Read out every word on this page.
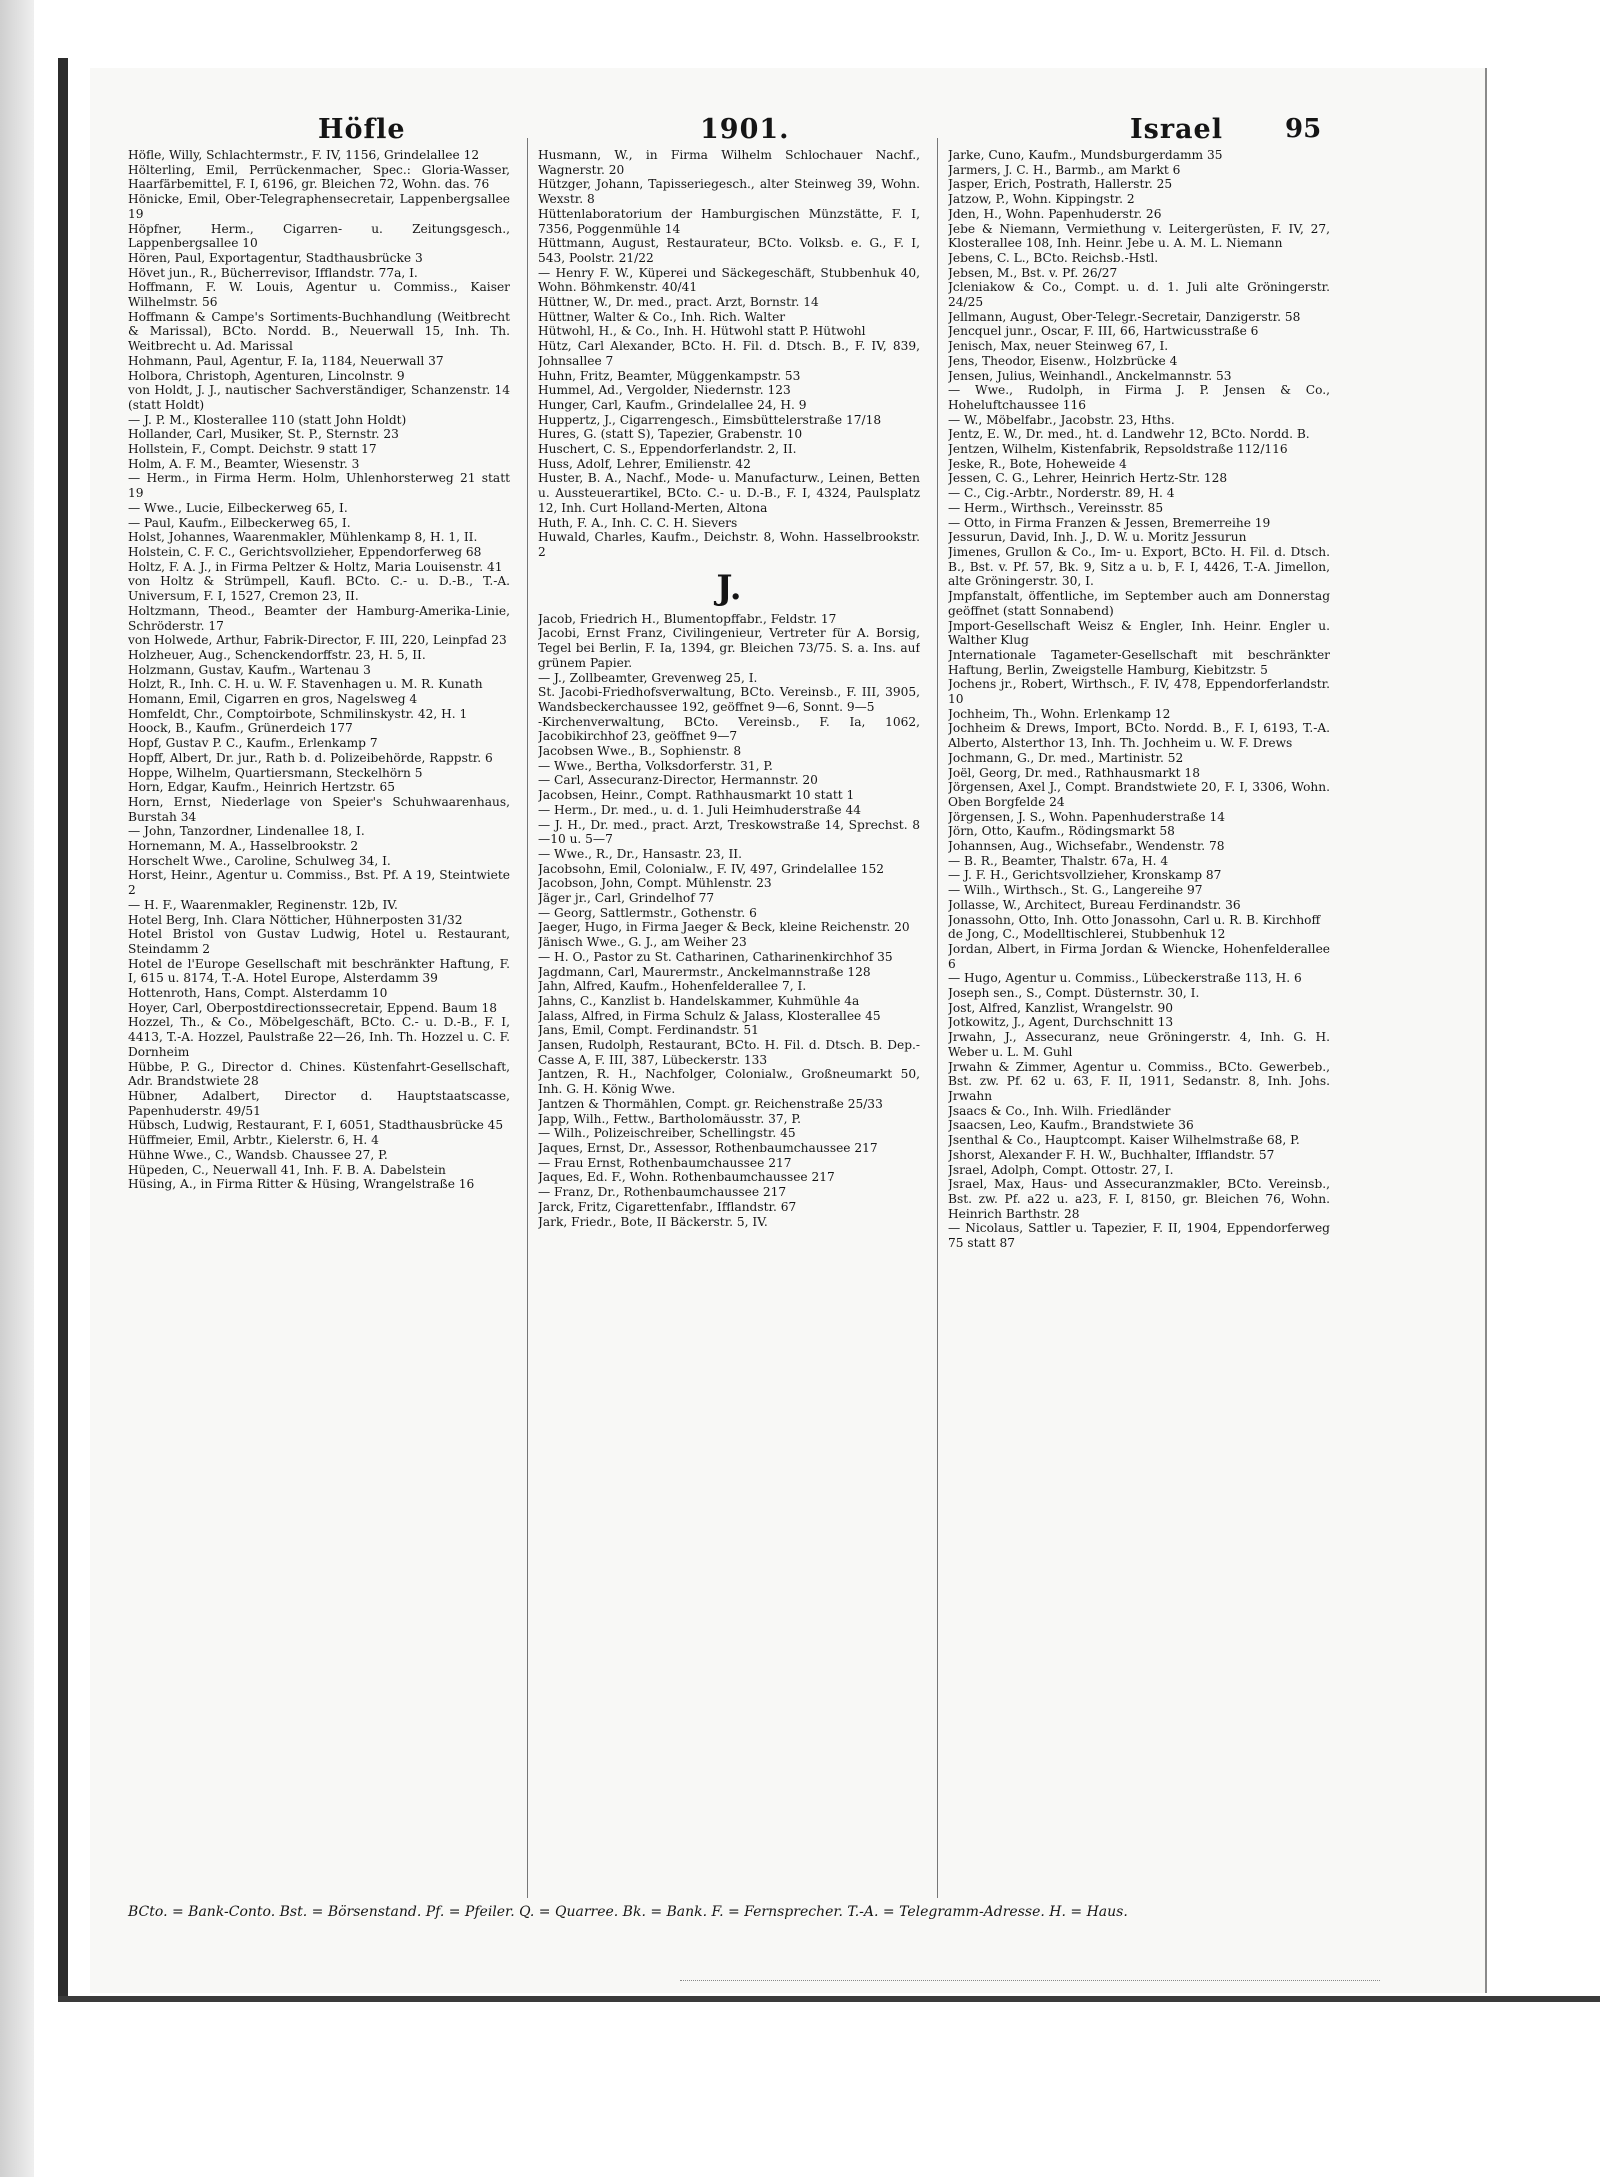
Höfle	1901.	Israel 95

Höfle, Willy, Schlachtermstr., F. IV, 1156, Grindelallee 12

Hölterling, Emil, Perrückenmacher, Spec.: Gloria-Wasser, Haarfärbemittel, F. I, 6196, gr. Bleichen 72, Wohn. das. 76

Hönicke, Emil, Ober-Telegraphensecretair, Lappenbergsallee 19

Höpfner, Herm., Cigarren- u. Zeitungsgesch., Lappenbergsallee 10

Hören, Paul, Exportagentur, Stadthausbrücke 3

Hövet jun., R., Bücherrevisor, Ifflandstr. 77a, I.

Hoffmann, F. W. Louis, Agentur u. Commiss., Kaiser Wilhelmstr. 56

Hoffmann & Campe's Sortiments-Buchhandlung (Weitbrecht & Marissal), BCto. Nordd. B., Neuerwall 15, Inh. Th. Weitbrecht u. Ad. Marissal

Hohmann, Paul, Agentur, F. Ia, 1184, Neuerwall 37

Holbora, Christoph, Agenturen, Lincolnstr. 9

von Holdt, J. J., nautischer Sachverständiger, Schanzenstr. 14 (statt Holdt)

— J. P. M., Klosterallee 110 (statt John Holdt)

Hollander, Carl, Musiker, St. P., Sternstr. 23

Hollstein, F., Compt. Deichstr. 9 statt 17

Holm, A. F. M., Beamter, Wiesenstr. 3

— Herm., in Firma Herm. Holm, Uhlenhorsterweg 21 statt 19

— Wwe., Lucie, Eilbeckerweg 65, I.

— Paul, Kaufm., Eilbeckerweg 65, I.

Holst, Johannes, Waarenmakler, Mühlenkamp 8, H. 1, II.

Holstein, C. F. C., Gerichtsvollzieher, Eppendorferweg 68

Holtz, F. A. J., in Firma Peltzer & Holtz, Maria Louisenstr. 41

von Holtz & Strümpell, Kaufl. BCto. C.- u. D.-B., T.-A. Universum, F. I, 1527, Cremon 23, II.

Holtzmann, Theod., Beamter der Hamburg-Amerika-Linie, Schröderstr. 17

von Holwede, Arthur, Fabrik-Director, F. III, 220, Leinpfad 23

Holzheuer, Aug., Schenckendorffstr. 23, H. 5, II.

Holzmann, Gustav, Kaufm., Wartenau 3

Holzt, R., Inh. C. H. u. W. F. Stavenhagen u. M. R. Kunath

Homann, Emil, Cigarren en gros, Nagelsweg 4

Homfeldt, Chr., Comptoirbote, Schmilinskystr. 42, H. 1

Hoock, B., Kaufm., Grünerdeich 177

Hopf, Gustav P. C., Kaufm., Erlenkamp 7

Hopff, Albert, Dr. jur., Rath b. d. Polizeibehörde, Rappstr. 6

Hoppe, Wilhelm, Quartiersmann, Steckelhörn 5

Horn, Edgar, Kaufm., Heinrich Hertzstr. 65

Horn, Ernst, Niederlage von Speier's Schuhwaarenhaus, Burstah 34

— John, Tanzordner, Lindenallee 18, I.

Hornemann, M. A., Hasselbrookstr. 2

Horschelt Wwe., Caroline, Schulweg 34, I.

Horst, Heinr., Agentur u. Commiss., Bst. Pf. A 19, Steintwiete 2

— H. F., Waarenmakler, Reginenstr. 12b, IV.

Hotel Berg, Inh. Clara Nötticher, Hühnerposten 31/32

Hotel Bristol von Gustav Ludwig, Hotel u. Restaurant, Steindamm 2

Hotel de l'Europe Gesellschaft mit beschränkter Haftung, F. I, 615 u. 8174, T.-A. Hotel Europe, Alsterdamm 39

Hottenroth, Hans, Compt. Alsterdamm 10

Hoyer, Carl, Oberpostdirectionssecretair, Eppend. Baum 18

Hozzel, Th., & Co., Möbelgeschäft, BCto. C.- u. D.-B., F. I, 4413, T.-A. Hozzel, Paulstraße 22—26, Inh. Th. Hozzel u. C. F. Dornheim

Hübbe, P. G., Director d. Chines. Küstenfahrt-Gesellschaft, Adr. Brandstwiete 28

Hübner, Adalbert, Director d. Hauptstaatscasse, Papenhuderstr. 49/51

Hübsch, Ludwig, Restaurant, F. I, 6051, Stadthausbrücke 45

Hüffmeier, Emil, Arbtr., Kielerstr. 6, H. 4

Hühne Wwe., C., Wandsb. Chaussee 27, P.

Hüpeden, C., Neuerwall 41, Inh. F. B. A. Dabelstein

Hüsing, A., in Firma Ritter & Hüsing, Wrangelstraße 16

Husmann, W., in Firma Wilhelm Schlochauer Nachf., Wagnerstr. 20

Hützger, Johann, Tapisseriegesch., alter Steinweg 39, Wohn. Wexstr. 8

Hüttenlaboratorium der Hamburgischen Münzstätte, F. I, 7356, Poggenmühle 14

Hüttmann, August, Restaurateur, BCto. Volksb. e. G., F. I, 543, Poolstr. 21/22

— Henry F. W., Küperei und Säckegeschäft, Stubbenhuk 40, Wohn. Böhmkenstr. 40/41

Hüttner, W., Dr. med., pract. Arzt, Bornstr. 14

Hüttner, Walter & Co., Inh. Rich. Walter

Hütwohl, H., & Co., Inh. H. Hütwohl statt P. Hütwohl

Hütz, Carl Alexander, BCto. H. Fil. d. Dtsch. B., F. IV, 839, Johnsallee 7

Huhn, Fritz, Beamter, Müggenkampstr. 53

Hummel, Ad., Vergolder, Niedernstr. 123

Hunger, Carl, Kaufm., Grindelallee 24, H. 9

Huppertz, J., Cigarrengesch., Eimsbüttelerstraße 17/18

Hures, G. (statt S), Tapezier, Grabenstr. 10

Huschert, C. S., Eppendorferlandstr. 2, II.

Huss, Adolf, Lehrer, Emilienstr. 42

Huster, B. A., Nachf., Mode- u. Manufacturw., Leinen, Betten u. Aussteuerartikel, BCto. C.- u. D.-B., F. I, 4324, Paulsplatz 12, Inh. Curt Holland-Merten, Altona

Huth, F. A., Inh. C. C. H. Sievers

Huwald, Charles, Kaufm., Deichstr. 8, Wohn. Hasselbrookstr. 2

J.

Jacob, Friedrich H., Blumentopffabr., Feldstr. 17

Jacobi, Ernst Franz, Civilingenieur, Vertreter für A. Borsig, Tegel bei Berlin, F. Ia, 1394, gr. Bleichen 73/75. S. a. Ins. auf grünem Papier.

— J., Zollbeamter, Grevenweg 25, I.

St. Jacobi-Friedhofsverwaltung, BCto. Vereinsb., F. III, 3905, Wandsbeckerchaussee 192, geöffnet 9—6, Sonnt. 9—5

-Kirchenverwaltung, BCto. Vereinsb., F. Ia, 1062, Jacobikirchhof 23, geöffnet 9—7

Jacobsen Wwe., B., Sophienstr. 8

— Wwe., Bertha, Volksdorferstr. 31, P.

— Carl, Assecuranz-Director, Hermannstr. 20

Jacobsen, Heinr., Compt. Rathhausmarkt 10 statt 1

— Herm., Dr. med., u. d. 1. Juli Heimhuderstraße 44

— J. H., Dr. med., pract. Arzt, Treskowstraße 14, Sprechst. 8—10 u. 5—7

— Wwe., R., Dr., Hansastr. 23, II.

Jacobsohn, Emil, Colonialw., F. IV, 497, Grindelallee 152

Jacobson, John, Compt. Mühlenstr. 23

Jäger jr., Carl, Grindelhof 77

— Georg, Sattlermstr., Gothenstr. 6

Jaeger, Hugo, in Firma Jaeger & Beck, kleine Reichenstr. 20

Jänisch Wwe., G. J., am Weiher 23

— H. O., Pastor zu St. Catharinen, Catharinenkirchhof 35

Jagdmann, Carl, Maurermstr., Anckelmannstraße 128

Jahn, Alfred, Kaufm., Hohenfelderallee 7, I.

Jahns, C., Kanzlist b. Handelskammer, Kuhmühle 4a

Jalass, Alfred, in Firma Schulz & Jalass, Klosterallee 45

Jans, Emil, Compt. Ferdinandstr. 51

Jansen, Rudolph, Restaurant, BCto. H. Fil. d. Dtsch. B. Dep.-Casse A, F. III, 387, Lübeckerstr. 133

Jantzen, R. H., Nachfolger, Colonialw., Großneumarkt 50, Inh. G. H. König Wwe.

Jantzen & Thormählen, Compt. gr. Reichenstraße 25/33

Japp, Wilh., Fettw., Bartholomäusstr. 37, P.

— Wilh., Polizeischreiber, Schellingstr. 45

Jaques, Ernst, Dr., Assessor, Rothenbaumchaussee 217

— Frau Ernst, Rothenbaumchaussee 217

Jaques, Ed. F., Wohn. Rothenbaumchaussee 217

— Franz, Dr., Rothenbaumchaussee 217

Jarck, Fritz, Cigarettenfabr., Ifflandstr. 67

Jark, Friedr., Bote, II Bäckerstr. 5, IV.

Jarke, Cuno, Kaufm., Mundsburgerdamm 35

Jarmers, J. C. H., Barmb., am Markt 6

Jasper, Erich, Postrath, Hallerstr. 25

Jatzow, P., Wohn. Kippingstr. 2

Jden, H., Wohn. Papenhuderstr. 26

Jebe & Niemann, Vermiethung v. Leitergerüsten, F. IV, 27, Klosterallee 108, Inh. Heinr. Jebe u. A. M. L. Niemann

Jebens, C. L., BCto. Reichsb.-Hstl.

Jebsen, M., Bst. v. Pf. 26/27

Jcleniakow & Co., Compt. u. d. 1. Juli alte Gröningerstr. 24/25

Jellmann, August, Ober-Telegr.-Secretair, Danzigerstr. 58

Jencquel junr., Oscar, F. III, 66, Hartwicusstraße 6

Jenisch, Max, neuer Steinweg 67, I.

Jens, Theodor, Eisenw., Holzbrücke 4

Jensen, Julius, Weinhandl., Anckelmannstr. 53

— Wwe., Rudolph, in Firma J. P. Jensen & Co., Hoheluftchaussee 116

— W., Möbelfabr., Jacobstr. 23, Hths.

Jentz, E. W., Dr. med., ht. d. Landwehr 12, BCto. Nordd. B.

Jentzen, Wilhelm, Kistenfabrik, Repsoldstraße 112/116

Jeske, R., Bote, Hoheweide 4

Jessen, C. G., Lehrer, Heinrich Hertz-Str. 128

— C., Cig.-Arbtr., Norderstr. 89, H. 4

— Herm., Wirthsch., Vereinsstr. 85

— Otto, in Firma Franzen & Jessen, Bremerreihe 19

Jessurun, David, Inh. J., D. W. u. Moritz Jessurun

Jimenes, Grullon & Co., Im- u. Export, BCto. H. Fil. d. Dtsch. B., Bst. v. Pf. 57, Bk. 9, Sitz a u. b, F. I, 4426, T.-A. Jimellon, alte Gröningerstr. 30, I.

Jmpfanstalt, öffentliche, im September auch am Donnerstag geöffnet (statt Sonnabend)

Jmport-Gesellschaft Weisz & Engler, Inh. Heinr. Engler u. Walther Klug

Jnternationale Tagameter-Gesellschaft mit beschränkter Haftung, Berlin, Zweigstelle Hamburg, Kiebitzstr. 5

Jochens jr., Robert, Wirthsch., F. IV, 478, Eppendorferlandstr. 10

Jochheim, Th., Wohn. Erlenkamp 12

Jochheim & Drews, Import, BCto. Nordd. B., F. I, 6193, T.-A. Alberto, Alsterthor 13, Inh. Th. Jochheim u. W. F. Drews

Jochmann, G., Dr. med., Martinistr. 52

Joël, Georg, Dr. med., Rathhausmarkt 18

Jörgensen, Axel J., Compt. Brandstwiete 20, F. I, 3306, Wohn. Oben Borgfelde 24

Jörgensen, J. S., Wohn. Papenhuderstraße 14

Jörn, Otto, Kaufm., Rödingsmarkt 58

Johannsen, Aug., Wichsefabr., Wendenstr. 78

— B. R., Beamter, Thalstr. 67a, H. 4

— J. F. H., Gerichtsvollzieher, Kronskamp 87

— Wilh., Wirthsch., St. G., Langereihe 97

Jollasse, W., Architect, Bureau Ferdinandstr. 36

Jonassohn, Otto, Inh. Otto Jonassohn, Carl u. R. B. Kirchhoff

de Jong, C., Modelltischlerei, Stubbenhuk 12

Jordan, Albert, in Firma Jordan & Wiencke, Hohenfelderallee 6

— Hugo, Agentur u. Commiss., Lübeckerstraße 113, H. 6

Joseph sen., S., Compt. Düsternstr. 30, I.

Jost, Alfred, Kanzlist, Wrangelstr. 90

Jotkowitz, J., Agent, Durchschnitt 13

Jrwahn, J., Assecuranz, neue Gröningerstr. 4, Inh. G. H. Weber u. L. M. Guhl

Jrwahn & Zimmer, Agentur u. Commiss., BCto. Gewerbeb., Bst. zw. Pf. 62 u. 63, F. II, 1911, Sedanstr. 8, Inh. Johs. Jrwahn

Jsaacs & Co., Inh. Wilh. Friedländer

Jsaacsen, Leo, Kaufm., Brandstwiete 36

Jsenthal & Co., Hauptcompt. Kaiser Wilhelmstraße 68, P.

Jshorst, Alexander F. H. W., Buchhalter, Ifflandstr. 57

Jsrael, Adolph, Compt. Ottostr. 27, I.

Jsrael, Max, Haus- und Assecuranzmakler, BCto. Vereinsb., Bst. zw. Pf. a22 u. a23, F. I, 8150, gr. Bleichen 76, Wohn. Heinrich Barthstr. 28

— Nicolaus, Sattler u. Tapezier, F. II, 1904, Eppendorferweg 75 statt 87

BCto. = Bank-Conto. Bst. = Börsenstand. Pf. = Pfeiler. Q. = Quarree. Bk. = Bank. F. = Fernsprecher. T.-A. = Telegramm-Adresse. H. = Haus.
